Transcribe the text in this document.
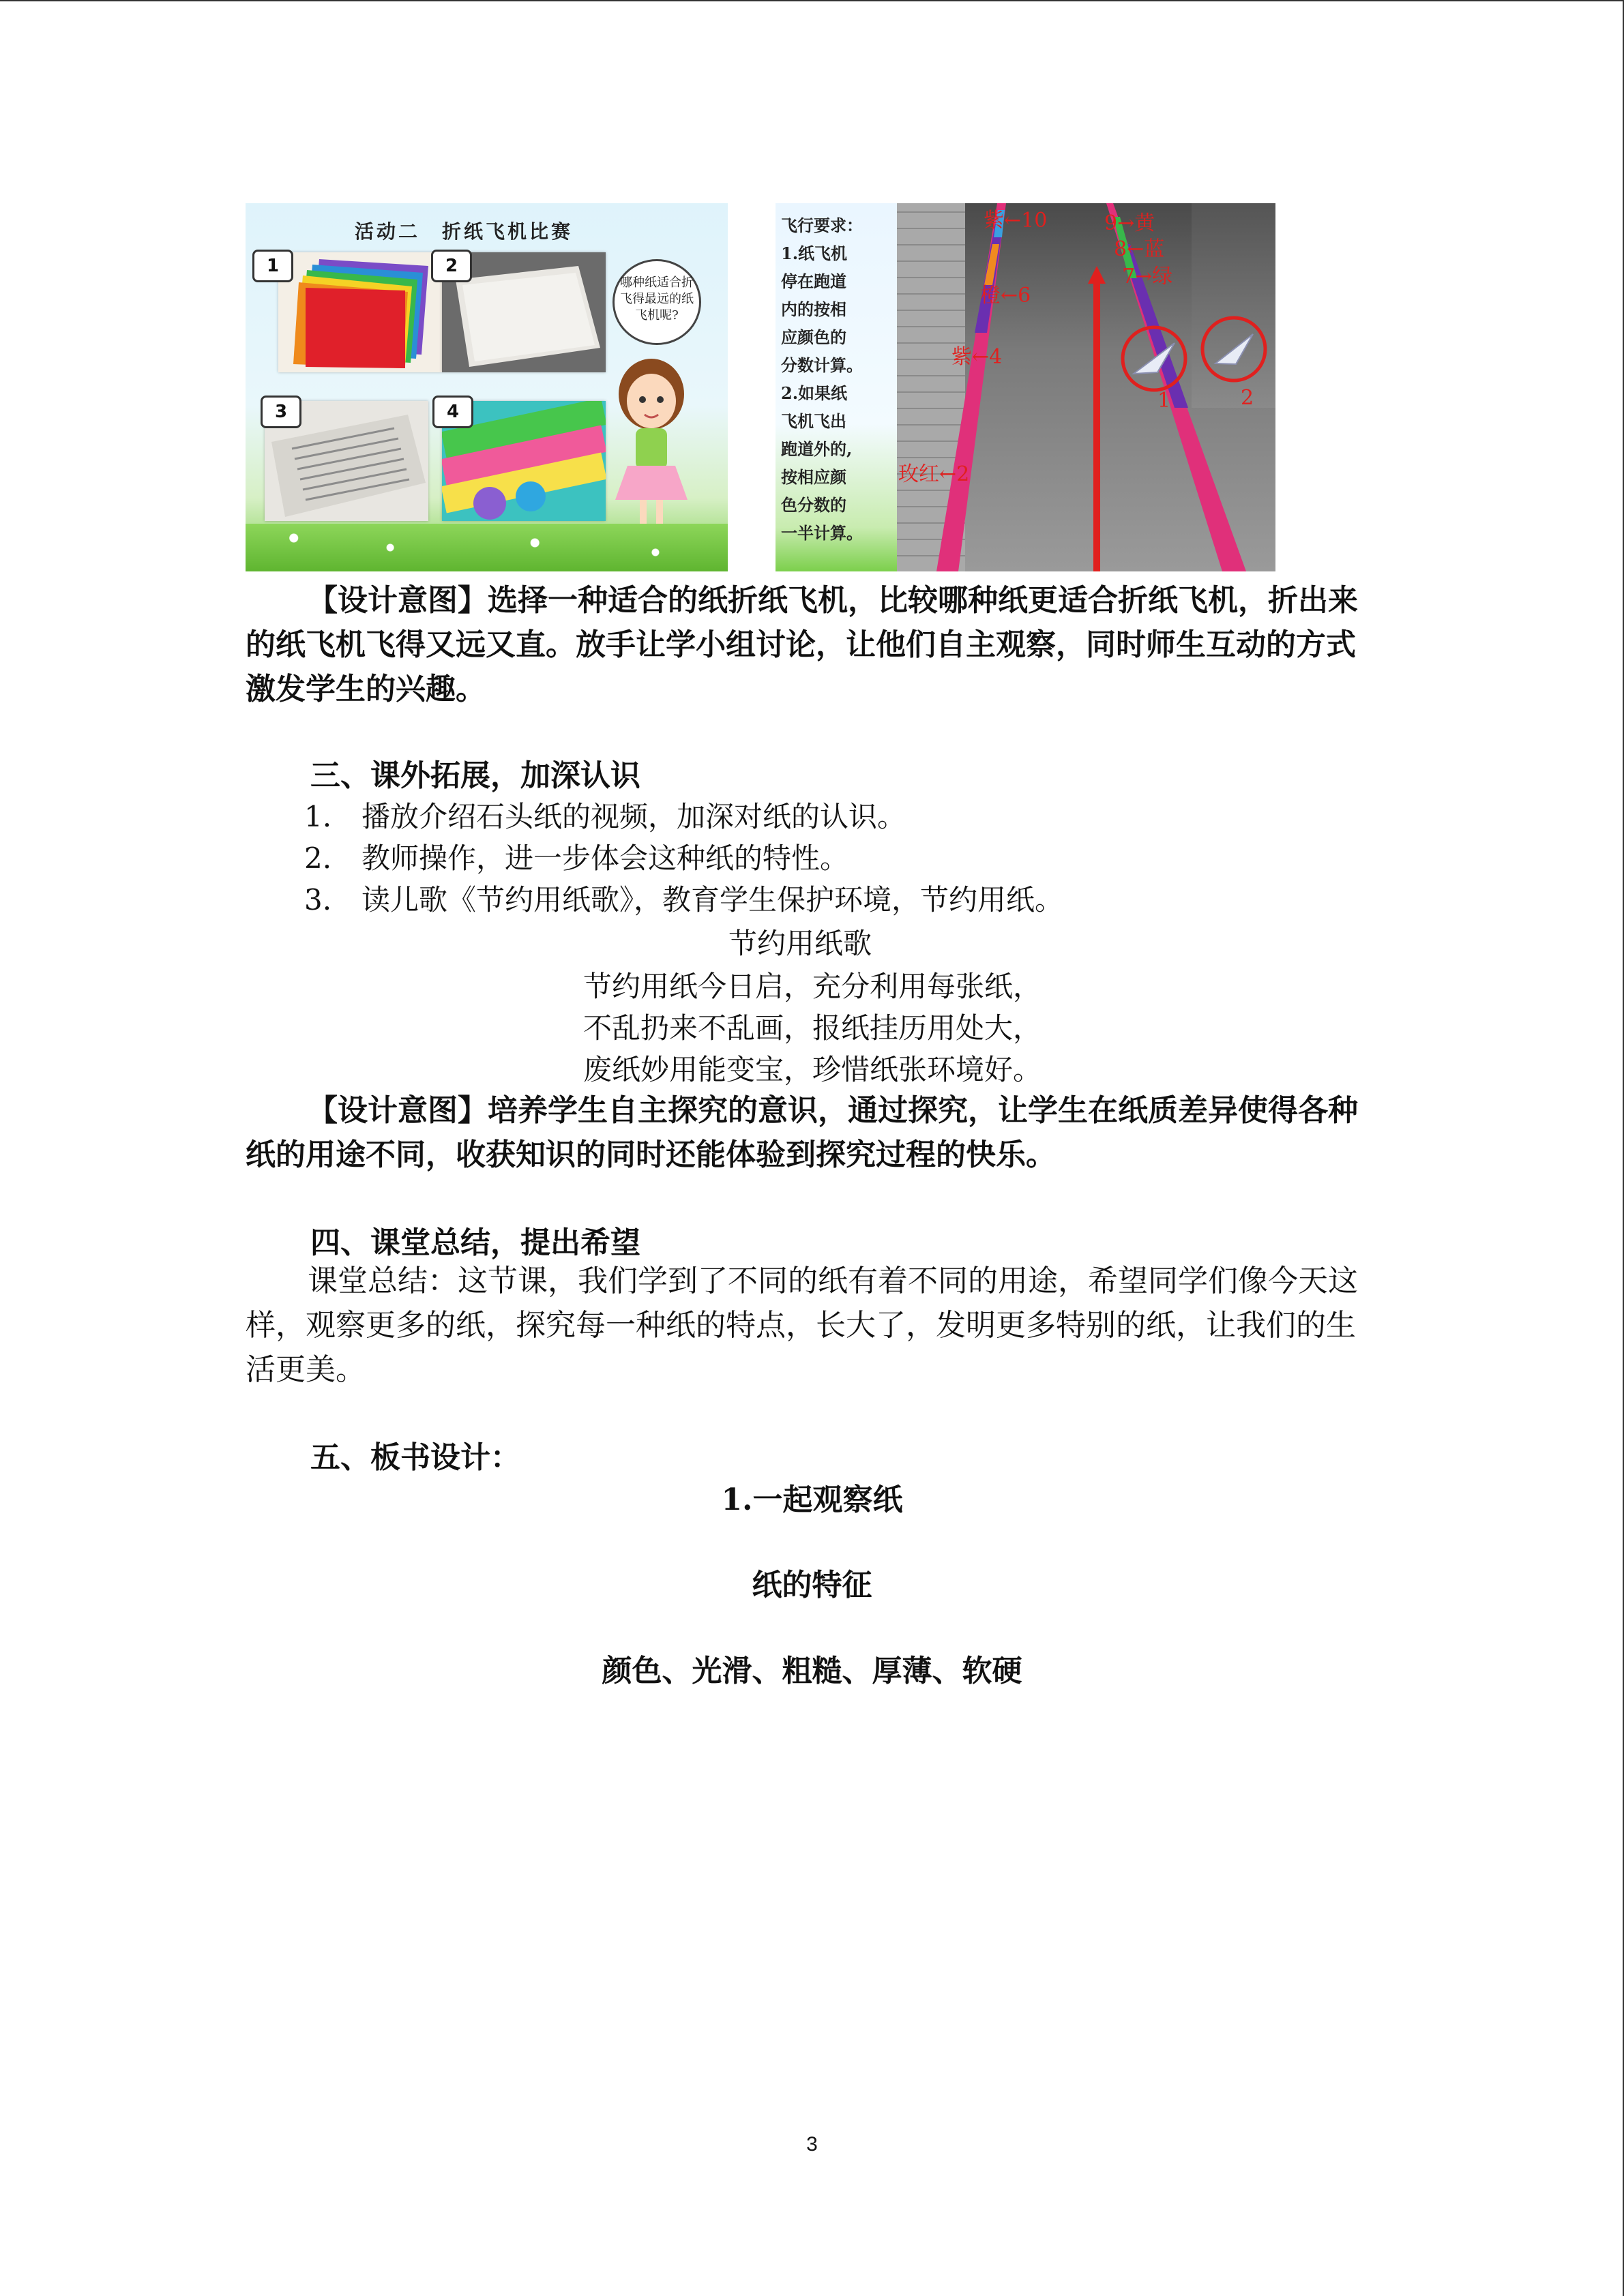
活动二　折纸飞机比赛
1	2
3	4
哪种纸适合折飞得最远的纸飞机呢?
紫←10	9→黄
8←蓝
7→绿
橙←6
紫←4
玫红←2
1	2
飞行要求：
1.纸飞机
停在跑道
内的按相
应颜色的
分数计算。
2.如果纸
飞机飞出
跑道外的,
按相应颜
色分数的
一半计算。
【设计意图】选择一种适合的纸折纸飞机，比较哪种纸更适合折纸飞机，折出来的纸飞机飞得又远又直。放手让学小组讨论，让他们自主观察，同时师生互动的方式激发学生的兴趣。
三、课外拓展，加深认识
1. 播放介绍石头纸的视频，加深对纸的认识。
2. 教师操作，进一步体会这种纸的特性。
3. 读儿歌《节约用纸歌》，教育学生保护环境，节约用纸。
节约用纸歌
节约用纸今日启，充分利用每张纸，
不乱扔来不乱画，报纸挂历用处大，
废纸妙用能变宝，珍惜纸张环境好。
【设计意图】培养学生自主探究的意识，通过探究，让学生在纸质差异使得各种纸的用途不同，收获知识的同时还能体验到探究过程的快乐。
四、课堂总结，提出希望
课堂总结：这节课，我们学到了不同的纸有着不同的用途，希望同学们像今天这样，观察更多的纸，探究每一种纸的特点，长大了，发明更多特别的纸，让我们的生活更美。
五、板书设计：
1.一起观察纸
纸的特征
颜色、光滑、粗糙、厚薄、软硬
3
